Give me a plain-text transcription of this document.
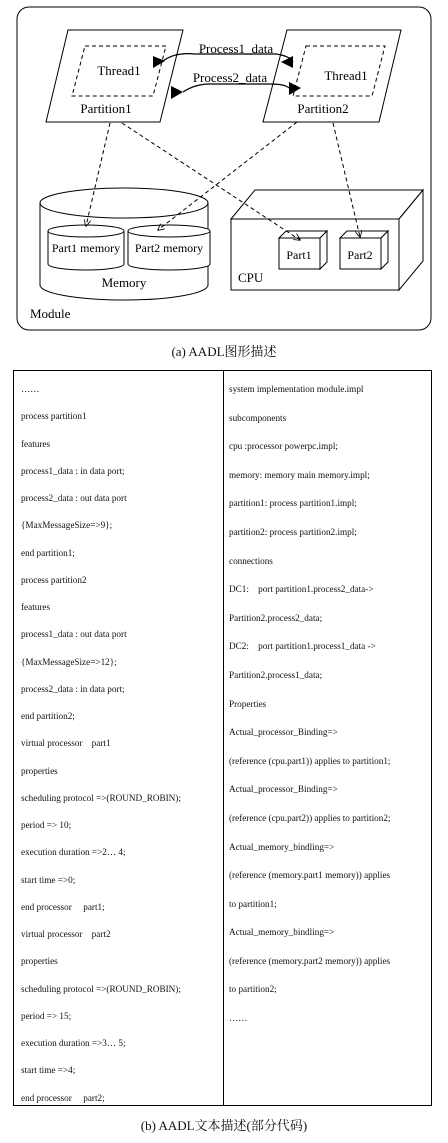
Module
Thread1
Partition1
Thread1
Partition2
Process1_data
Process2_data
Memory
Part1 memory Part2 memory
CPU
Part1	Part2
(a) AADL图形描述
……
process partition1
features
process1_data : in data port;
process2_data : out data port
{MaxMessageSize=>9};
end partition1;
process partition2
features
process1_data : out data port
{MaxMessageSize=>12};
process2_data : in data port;
end partition2;
virtual processor    part1
properties
scheduling protocol =>(ROUND_ROBIN);
period => 10;
execution duration =>2… 4;
start time =>0;
end processor     part1;
virtual processor    part2
properties
scheduling protocol =>(ROUND_ROBIN);
period => 15;
execution duration =>3… 5;
start time =>4;
end processor     part2;
system implementation module.impl
subcomponents
cpu :processor powerpc.impl;
memory: memory main memory.impl;
partition1: process partition1.impl;
partition2: process partition2.impl;
connections
DC1:    port partition1.process2_data->
Partition2.process2_data;
DC2:    port partition1.process1_data ->
Partition2.process1_data;
Properties
Actual_processor_Binding=>
(reference (cpu.part1)) applies to partition1;
Actual_processor_Binding=>
(reference (cpu.part2)) applies to partition2;
Actual_memory_bindling=>
(reference (memory.part1 memory)) applies
to partition1;
Actual_memory_bindling=>
(reference (memory.part2 memory)) applies
to partition2;
……
(b) AADL文本描述(部分代码)
